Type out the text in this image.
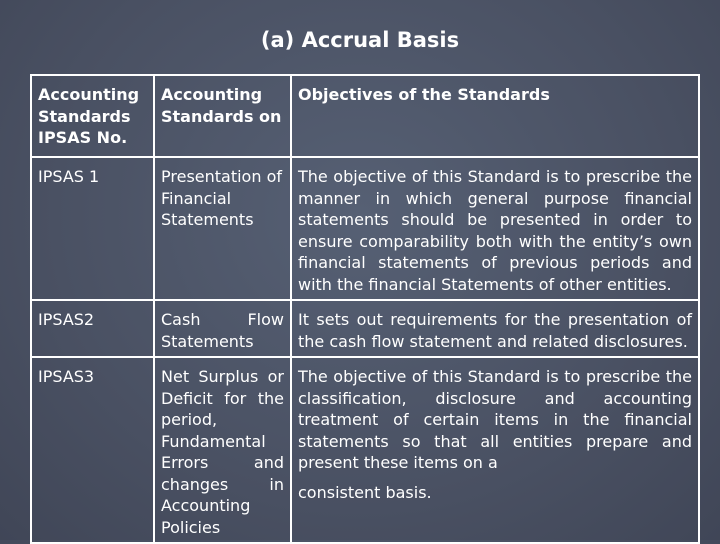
(a) Accrual Basis
Accounting Standards IPSAS No.	Accounting Standards on	Objectives of the Standards
IPSAS 1	Presentation of Financial Statements	The objective of this Standard is to prescribe the manner in which general purpose financial statements should be presented in order to ensure comparability both with the entity’s own financial statements of previous periods and with the financial Statements of other entities.
IPSAS2	Cash Flow Statements	It sets out requirements for the presentation of the cash flow statement and related disclosures.
IPSAS3	Net Surplus or Deficit for the period, Fundamental Errors and changes in Accounting Policies	The objective of this Standard is to prescribe the classification, disclosure and accounting treatment of certain items in the financial statements so that all entities prepare and present these items on a
consistent basis.
